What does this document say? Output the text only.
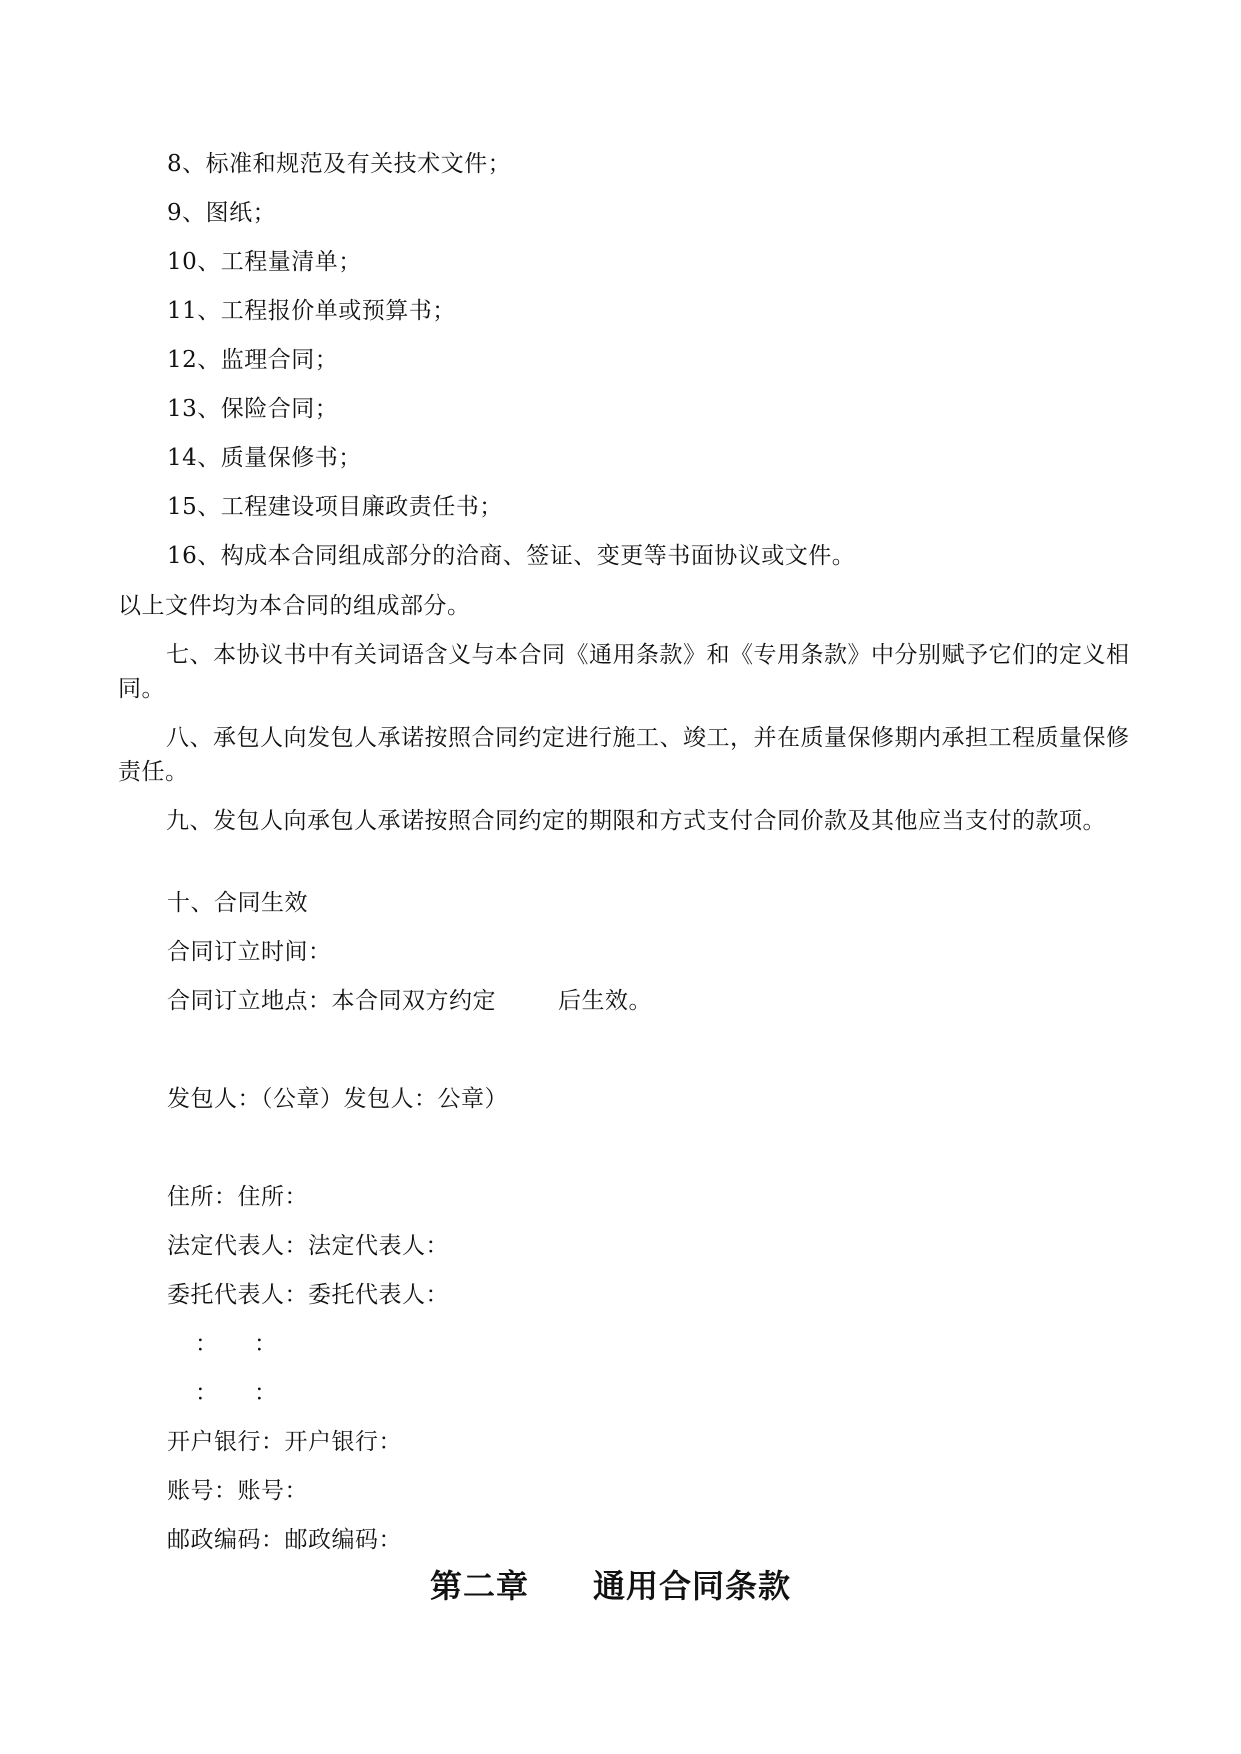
8、标准和规范及有关技术文件；
9、图纸；
10、工程量清单；
11、工程报价单或预算书；
12、监理合同；
13、保险合同；
14、质量保修书；
15、工程建设项目廉政责任书；
16、构成本合同组成部分的洽商、签证、变更等书面协议或文件。
以上文件均为本合同的组成部分。
七、本协议书中有关词语含义与本合同《通用条款》和《专用条款》中分别赋予它们的定义相同。
八、承包人向发包人承诺按照合同约定进行施工、竣工，并在质量保修期内承担工程质量保修责任。
九、发包人向承包人承诺按照合同约定的期限和方式支付合同价款及其他应当支付的款项。
十、合同生效
合同订立时间：
合同订立地点：本合同双方约定	后生效。
发包人：（公章）发包人：公章）
住所：住所：
法定代表人：法定代表人：
委托代表人：委托代表人：
：　　：
：　　：
开户银行：开户银行：
账号：账号：
邮政编码：邮政编码：
第二章 通用合同条款
